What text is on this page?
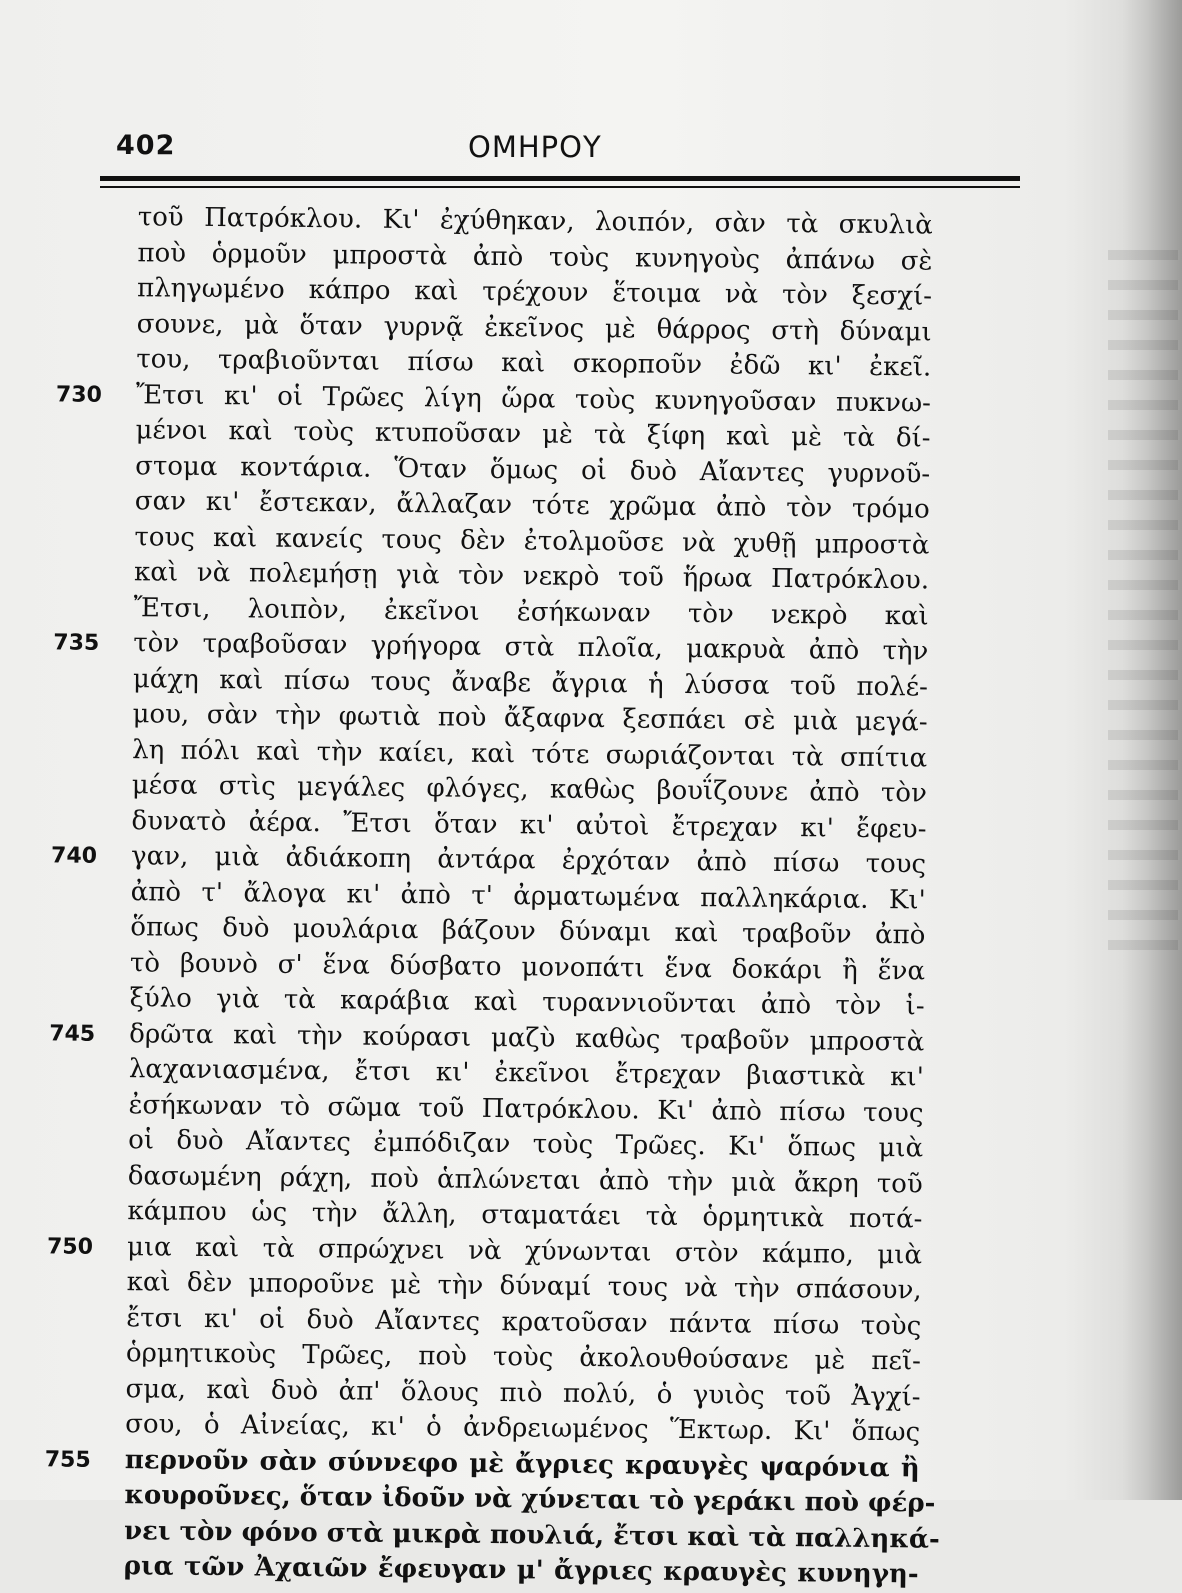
402	ΟΜΗΡΟΥ
τοῦ Πατρόκλου. Κι' ἐχύθηκαν, λοιπόν, σὰν τὰ σκυλιὰ
ποὺ ὁρμοῦν μπροστὰ ἀπὸ τοὺς κυνηγοὺς ἀπάνω σὲ
πληγωμένο κάπρο καὶ τρέχουν ἕτοιμα νὰ τὸν ξεσχί-
σουνε, μὰ ὅταν γυρνᾷ ἐκεῖνος μὲ θάρρος στὴ δύναμι
του, τραβιοῦνται πίσω καὶ σκορποῦν ἐδῶ κι' ἐκεῖ.
730 Ἔτσι κι' οἱ Τρῶες λίγη ὥρα τοὺς κυνηγοῦσαν πυκνω-
μένοι καὶ τοὺς κτυποῦσαν μὲ τὰ ξίφη καὶ μὲ τὰ δί-
στομα κοντάρια. Ὅταν ὅμως οἱ δυὸ Αἴαντες γυρνοῦ-
σαν κι' ἔστεκαν, ἄλλαζαν τότε χρῶμα ἀπὸ τὸν τρόμο
τους καὶ κανείς τους δὲν ἐτολμοῦσε νὰ χυθῇ μπροστὰ
καὶ νὰ πολεμήσῃ γιὰ τὸν νεκρὸ τοῦ ἥρωα Πατρόκλου.
Ἔτσι, λοιπὸν, ἐκεῖνοι ἐσήκωναν τὸν νεκρὸ καὶ
735 τὸν τραβοῦσαν γρήγορα στὰ πλοῖα, μακρυὰ ἀπὸ τὴν
μάχη καὶ πίσω τους ἄναβε ἄγρια ἡ λύσσα τοῦ πολέ-
μου, σὰν τὴν φωτιὰ ποὺ ἄξαφνα ξεσπάει σὲ μιὰ μεγά-
λη πόλι καὶ τὴν καίει, καὶ τότε σωριάζονται τὰ σπίτια
μέσα στὶς μεγάλες φλόγες, καθὼς βουΐζουνε ἀπὸ τὸν
δυνατὸ ἀέρα. Ἔτσι ὅταν κι' αὐτοὶ ἔτρεχαν κι' ἔφευ-
740 γαν, μιὰ ἀδιάκοπη ἀντάρα ἐρχόταν ἀπὸ πίσω τους
ἀπὸ τ' ἄλογα κι' ἀπὸ τ' ἀρματωμένα παλληκάρια. Κι'
ὅπως δυὸ μουλάρια βάζουν δύναμι καὶ τραβοῦν ἀπὸ
τὸ βουνὸ σ' ἕνα δύσβατο μονοπάτι ἕνα δοκάρι ἢ ἕνα
ξύλο γιὰ τὰ καράβια καὶ τυραννιοῦνται ἀπὸ τὸν ἱ-
745 δρῶτα καὶ τὴν κούρασι μαζὺ καθὼς τραβοῦν μπροστὰ
λαχανιασμένα, ἔτσι κι' ἐκεῖνοι ἔτρεχαν βιαστικὰ κι'
ἐσήκωναν τὸ σῶμα τοῦ Πατρόκλου. Κι' ἀπὸ πίσω τους
οἱ δυὸ Αἴαντες ἐμπόδιζαν τοὺς Τρῶες. Κι' ὅπως μιὰ
δασωμένη ράχη, ποὺ ἁπλώνεται ἀπὸ τὴν μιὰ ἄκρη τοῦ
κάμπου ὡς τὴν ἄλλη, σταματάει τὰ ὁρμητικὰ ποτά-
750 μια καὶ τὰ σπρώχνει νὰ χύνωνται στὸν κάμπο, μιὰ
καὶ δὲν μποροῦνε μὲ τὴν δύναμί τους νὰ τὴν σπάσουν,
ἔτσι κι' οἱ δυὸ Αἴαντες κρατοῦσαν πάντα πίσω τοὺς
ὁρμητικοὺς Τρῶες, ποὺ τοὺς ἀκολουθούσανε μὲ πεῖ-
σμα, καὶ δυὸ ἀπ' ὅλους πιὸ πολύ, ὁ γυιὸς τοῦ Ἀγχί-
σου, ὁ Αἰνείας, κι' ὁ ἀνδρειωμένος Ἕκτωρ. Κι' ὅπως
755 περνοῦν σὰν σύννεφο μὲ ἄγριες κραυγὲς ψαρόνια ἢ
κουροῦνες, ὅταν ἰδοῦν νὰ χύνεται τὸ γεράκι ποὺ φέρ-
νει τὸν φόνο στὰ μικρὰ πουλιά, ἔτσι καὶ τὰ παλληκά-
ρια τῶν Ἀχαιῶν ἔφευγαν μ' ἄγριες κραυγὲς κυνηγη-
